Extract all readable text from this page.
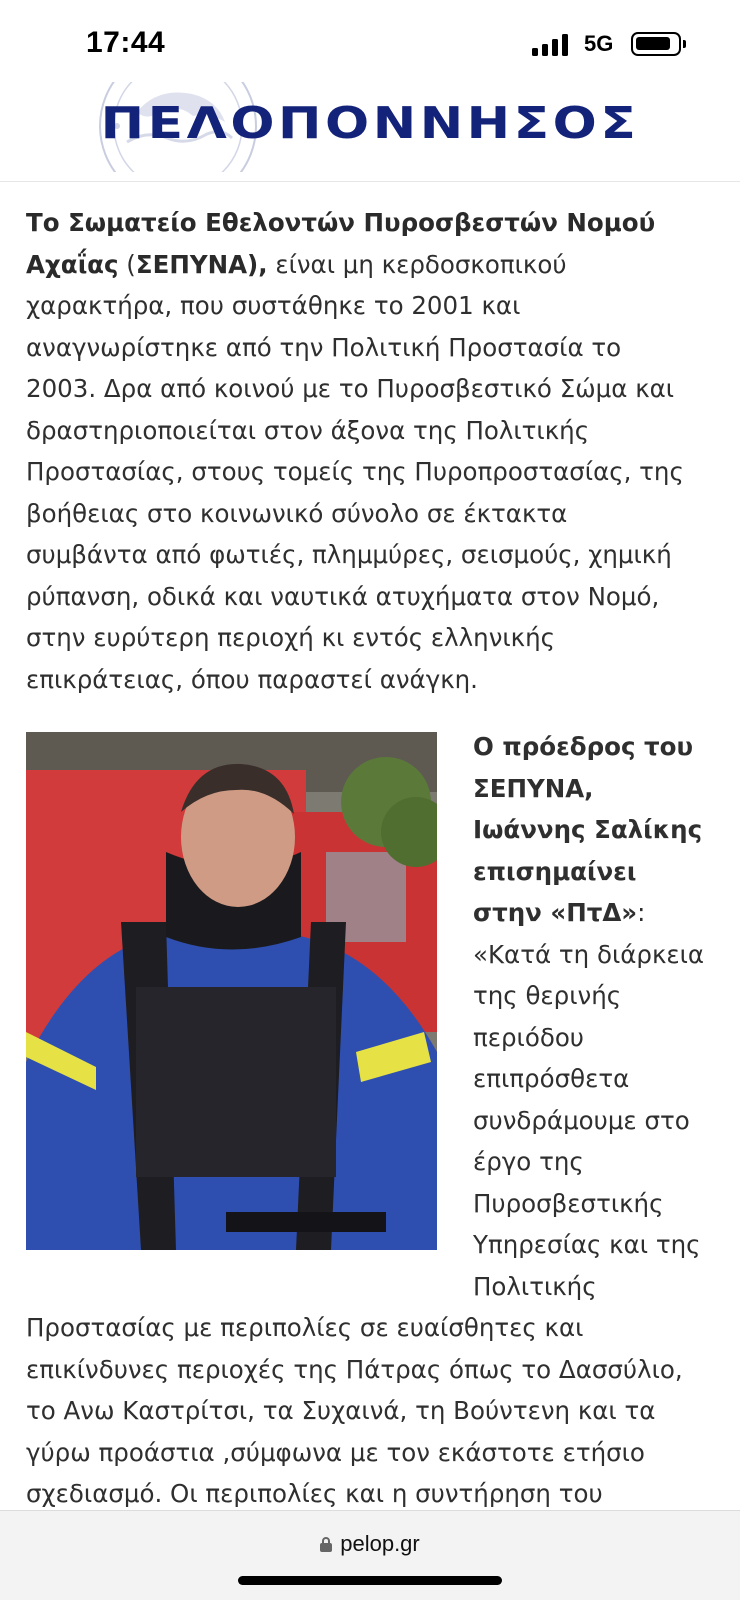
17:44	5G
ΠΕΛΟΠΟΝΝΗΣΟΣ
Το Σωματείο Εθελοντών Πυροσβεστών Νομού Αχαΐας (ΣΕΠΥΝΑ), είναι μη κερδοσκοπικού
χαρακτήρα, που συστάθηκε το 2001 και
αναγνωρίστηκε από την Πολιτική Προστασία το
2003. Δρα από κοινού με το Πυροσβεστικό Σώμα και
δραστηριοποιείται στον άξονα της Πολιτικής
Προστασίας, στους τομείς της Πυροπροστασίας, της
βοήθειας στο κοινωνικό σύνολο σε έκτακτα
συμβάντα από φωτιές, πλημμύρες, σεισμούς, χημική
ρύπανση, οδικά και ναυτικά ατυχήματα στον Νομό,
στην ευρύτερη περιοχή κι εντός ελληνικής
επικράτειας, όπου παραστεί ανάγκη.
Ο πρόεδρος του
ΣΕΠΥΝΑ,
Ιωάννης Σαλίκης
επισημαίνει
στην «ΠτΔ»:
«Κατά τη διάρκεια
της θερινής
περιόδου
επιπρόσθετα
συνδράμουμε στο
έργο της
Πυροσβεστικής
Υπηρεσίας και της
Πολιτικής
Προστασίας με περιπολίες σε ευαίσθητες και
επικίνδυνες περιοχές της Πάτρας όπως το Δασσύλιο,
το Ανω Καστρίτσι, τα Συχαινά, τη Βούντενη και τα
γύρω προάστια ,σύμφωνα με τον εκάστοτε ετήσιο
σχεδιασμό. Οι περιπολίες και η συντήρηση του
pelop.gr
